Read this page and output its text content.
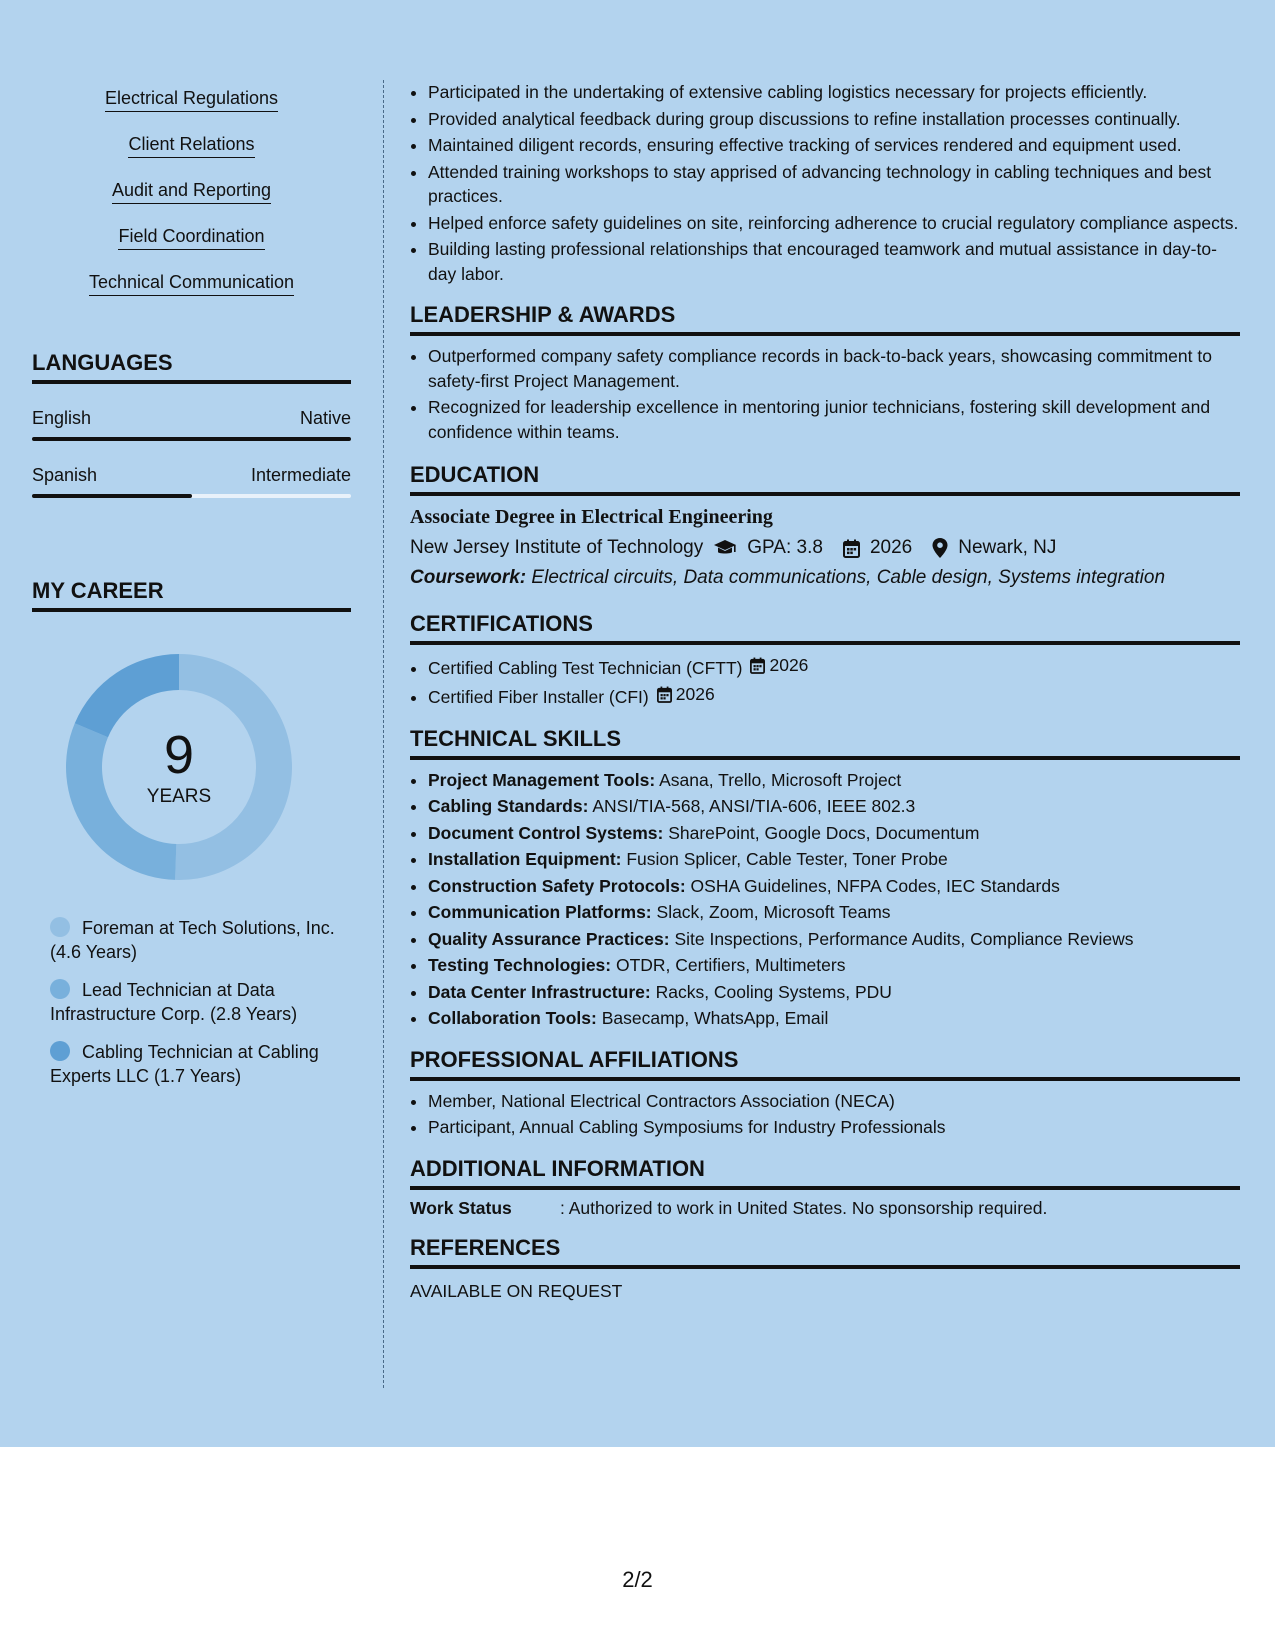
Electrical Regulations
Client Relations
Audit and Reporting
Field Coordination
Technical Communication
LANGUAGES
English	Native
Spanish	Intermediate
MY CAREER
9
YEARS
Foreman at Tech Solutions, Inc. (4.6 Years)
Lead Technician at Data Infrastructure Corp. (2.8 Years)
Cabling Technician at Cabling Experts LLC (1.7 Years)
• Participated in the undertaking of extensive cabling logistics necessary for projects efficiently.
• Provided analytical feedback during group discussions to refine installation processes continually.
• Maintained diligent records, ensuring effective tracking of services rendered and equipment used.
• Attended training workshops to stay apprised of advancing technology in cabling techniques and best practices.
• Helped enforce safety guidelines on site, reinforcing adherence to crucial regulatory compliance aspects.
• Building lasting professional relationships that encouraged teamwork and mutual assistance in day-to-day labor.
LEADERSHIP & AWARDS
• Outperformed company safety compliance records in back-to-back years, showcasing commitment to safety-first Project Management.
• Recognized for leadership excellence in mentoring junior technicians, fostering skill development and confidence within teams.
EDUCATION
Associate Degree in Electrical Engineering
New Jersey Institute of Technology GPA: 3.8 2026 Newark, NJ
Coursework: Electrical circuits, Data communications, Cable design, Systems integration
CERTIFICATIONS
• Certified Cabling Test Technician (CFTT) 2026
• Certified Fiber Installer (CFI) 2026
TECHNICAL SKILLS
• Project Management Tools: Asana, Trello, Microsoft Project
• Cabling Standards: ANSI/TIA-568, ANSI/TIA-606, IEEE 802.3
• Document Control Systems: SharePoint, Google Docs, Documentum
• Installation Equipment: Fusion Splicer, Cable Tester, Toner Probe
• Construction Safety Protocols: OSHA Guidelines, NFPA Codes, IEC Standards
• Communication Platforms: Slack, Zoom, Microsoft Teams
• Quality Assurance Practices: Site Inspections, Performance Audits, Compliance Reviews
• Testing Technologies: OTDR, Certifiers, Multimeters
• Data Center Infrastructure: Racks, Cooling Systems, PDU
• Collaboration Tools: Basecamp, WhatsApp, Email
PROFESSIONAL AFFILIATIONS
• Member, National Electrical Contractors Association (NECA)
• Participant, Annual Cabling Symposiums for Industry Professionals
ADDITIONAL INFORMATION
Work Status	: Authorized to work in United States. No sponsorship required.
REFERENCES
AVAILABLE ON REQUEST
2/2
